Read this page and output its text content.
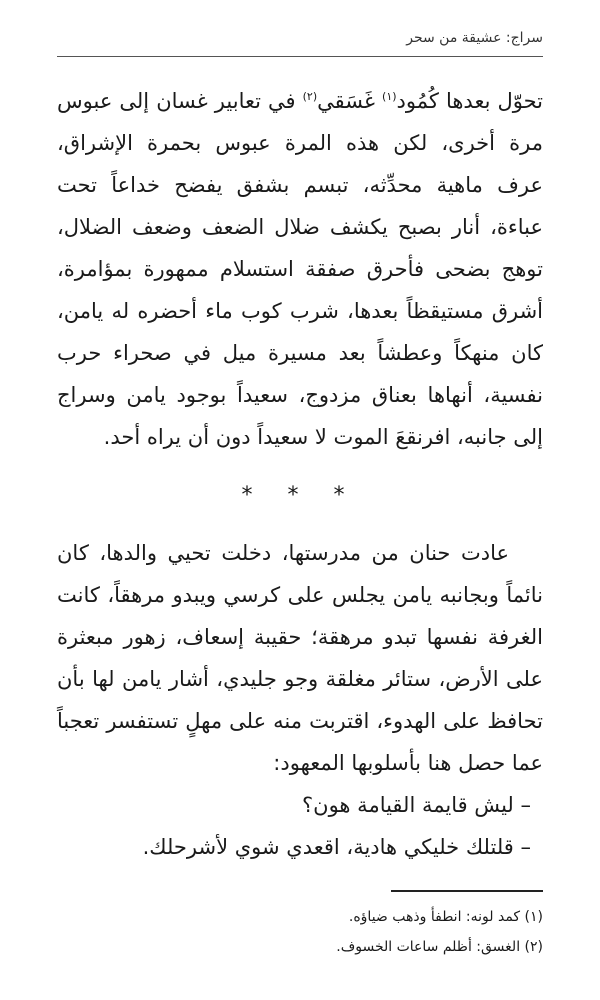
سراج: عشيقة من سحر

تحوّل بعدها كُمُود$^{(١)}$ غَسَقي$^{(٢)}$ في تعابير غسان إلى عبوس مرة أخرى، لكن هذه المرة عبوس بحمرة الإشراق، عرف ماهية محدِّثه، تبسم بشفق يفضح خداعاً تحت عباءة، أنار بصبح يكشف ضلال الضعف وضعف الضلال، توهج بضحى فأحرق صفقة استسلام ممهورة بمؤامرة، أشرق مستيقظاً بعدها، شرب كوب ماء أحضره له يامن، كان منهكاً وعطشاً بعد مسيرة ميل في صحراء حرب نفسية، أنهاها بعناق مزدوج، سعيداً بوجود يامن وسراج إلى جانبه، افرنقعَ الموت لا سعيداً دون أن يراه أحد.

* * *

عادت حنان من مدرستها، دخلت تحيي والدها، كان نائماً وبجانبه يامن يجلس على كرسي ويبدو مرهقاً، كانت الغرفة نفسها تبدو مرهقة؛ حقيبة إسعاف، زهور مبعثرة على الأرض، ستائر مغلقة وجو جليدي، أشار يامن لها بأن تحافظ على الهدوء، اقتربت منه على مهلٍ تستفسر تعجباً عما حصل هنا بأسلوبها المعهود:

– ليش قايمة القيامة هون؟

– قلتلك خليكي هادية، اقعدي شوي لأشرحلك.

(١) كمد لونه: انطفأ وذهب ضياؤه.
(٢) الغسق: أظلم ساعات الخسوف.
